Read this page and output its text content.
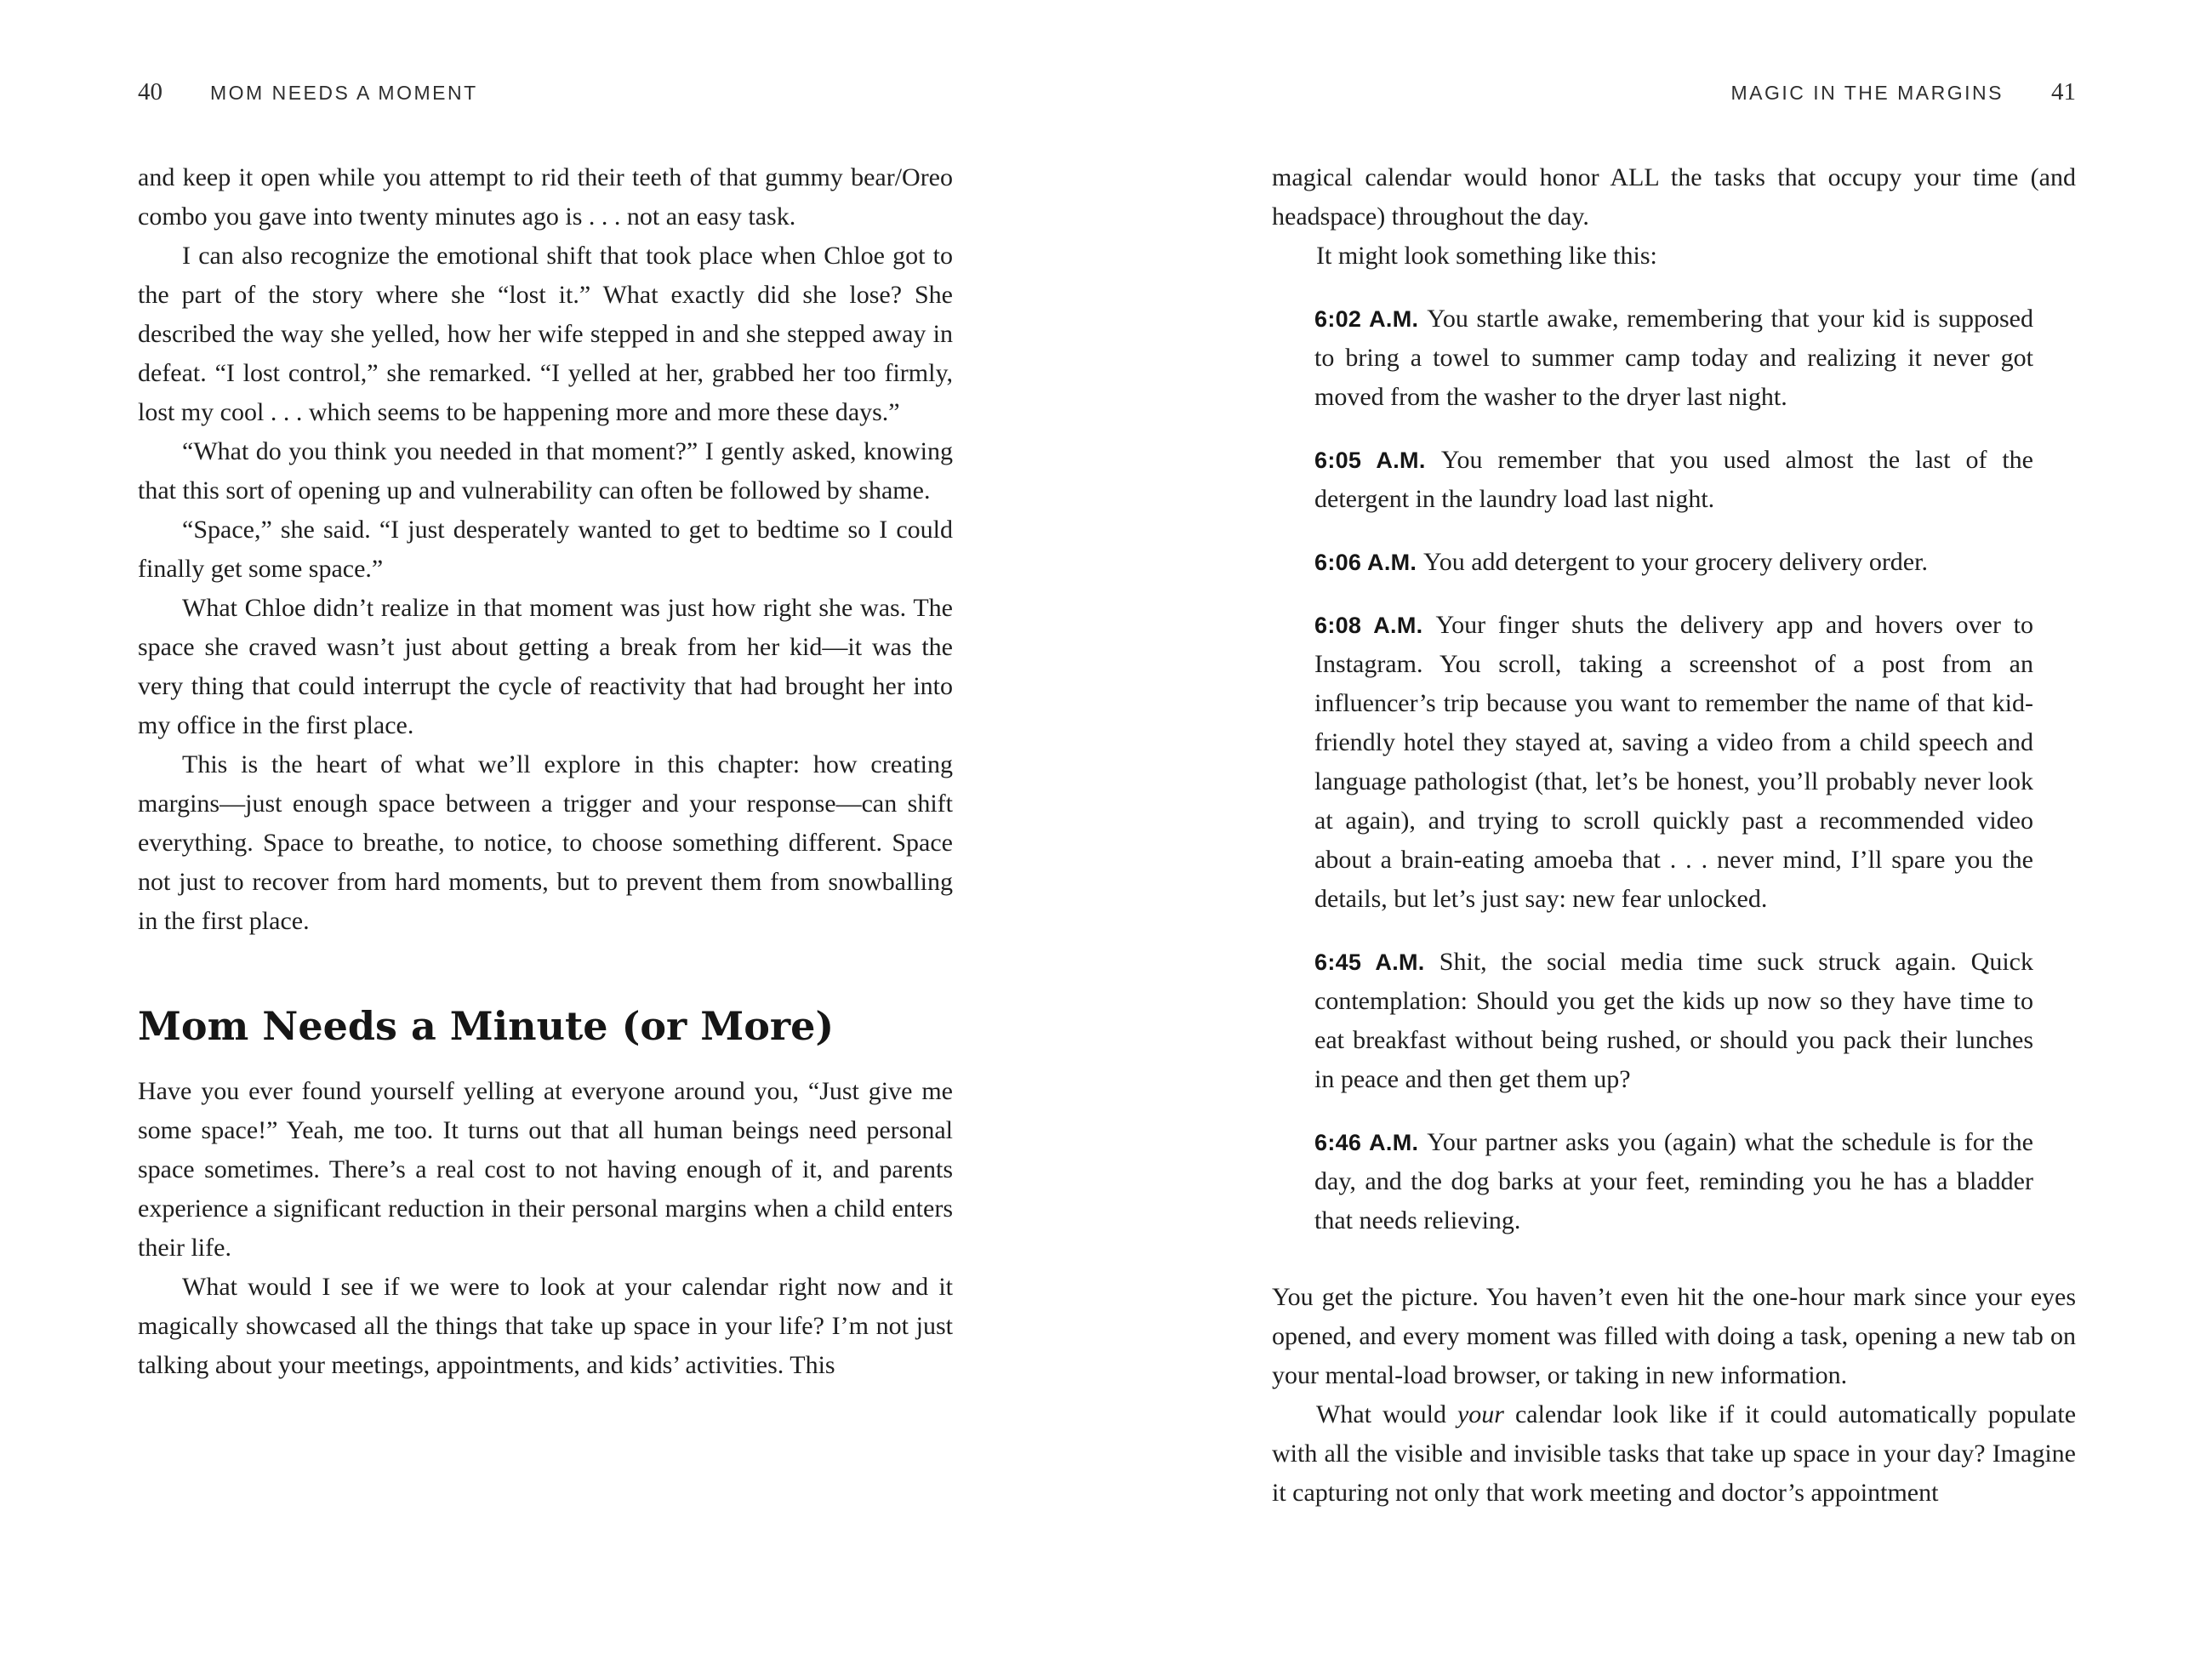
40 MOM NEEDS A MOMENT	MAGIC IN THE MARGINS 41

and keep it open while you attempt to rid their teeth of that gummy bear/Oreo combo you gave into twenty minutes ago is . . . not an easy task.

I can also recognize the emotional shift that took place when Chloe got to the part of the story where she “lost it.” What exactly did she lose? She described the way she yelled, how her wife stepped in and she stepped away in defeat. “I lost control,” she remarked. “I yelled at her, grabbed her too firmly, lost my cool . . . which seems to be happening more and more these days.”

“What do you think you needed in that moment?” I gently asked, knowing that this sort of opening up and vulnerability can often be followed by shame.

“Space,” she said. “I just desperately wanted to get to bedtime so I could finally get some space.”

What Chloe didn’t realize in that moment was just how right she was. The space she craved wasn’t just about getting a break from her kid—it was the very thing that could interrupt the cycle of reactivity that had brought her into my office in the first place.

This is the heart of what we’ll explore in this chapter: how creating margins—just enough space between a trigger and your response—can shift everything. Space to breathe, to notice, to choose something different. Space not just to recover from hard moments, but to prevent them from snowballing in the first place.

Mom Needs a Minute (or More)

Have you ever found yourself yelling at everyone around you, “Just give me some space!” Yeah, me too. It turns out that all human beings need personal space sometimes. There’s a real cost to not having enough of it, and parents experience a significant reduction in their personal margins when a child enters their life.

What would I see if we were to look at your calendar right now and it magically showcased all the things that take up space in your life? I’m not just talking about your meetings, appointments, and kids’ activities. This

magical calendar would honor ALL the tasks that occupy your time (and headspace) throughout the day.

It might look something like this:

6:02 A.M. You startle awake, remembering that your kid is supposed to bring a towel to summer camp today and realizing it never got moved from the washer to the dryer last night.
6:05 A.M. You remember that you used almost the last of the detergent in the laundry load last night.
6:06 A.M. You add detergent to your grocery delivery order.
6:08 A.M. Your finger shuts the delivery app and hovers over to Instagram. You scroll, taking a screenshot of a post from an influencer’s trip because you want to remember the name of that kid-friendly hotel they stayed at, saving a video from a child speech and language pathologist (that, let’s be honest, you’ll probably never look at again), and trying to scroll quickly past a recommended video about a brain-eating amoeba that . . . never mind, I’ll spare you the details, but let’s just say: new fear unlocked.
6:45 A.M. Shit, the social media time suck struck again. Quick contemplation: Should you get the kids up now so they have time to eat breakfast without being rushed, or should you pack their lunches in peace and then get them up?
6:46 A.M. Your partner asks you (again) what the schedule is for the day, and the dog barks at your feet, reminding you he has a bladder that needs relieving.

You get the picture. You haven’t even hit the one-hour mark since your eyes opened, and every moment was filled with doing a task, opening a new tab on your mental-load browser, or taking in new information.

What would your calendar look like if it could automatically populate with all the visible and invisible tasks that take up space in your day? Imagine it capturing not only that work meeting and doctor’s appointment
